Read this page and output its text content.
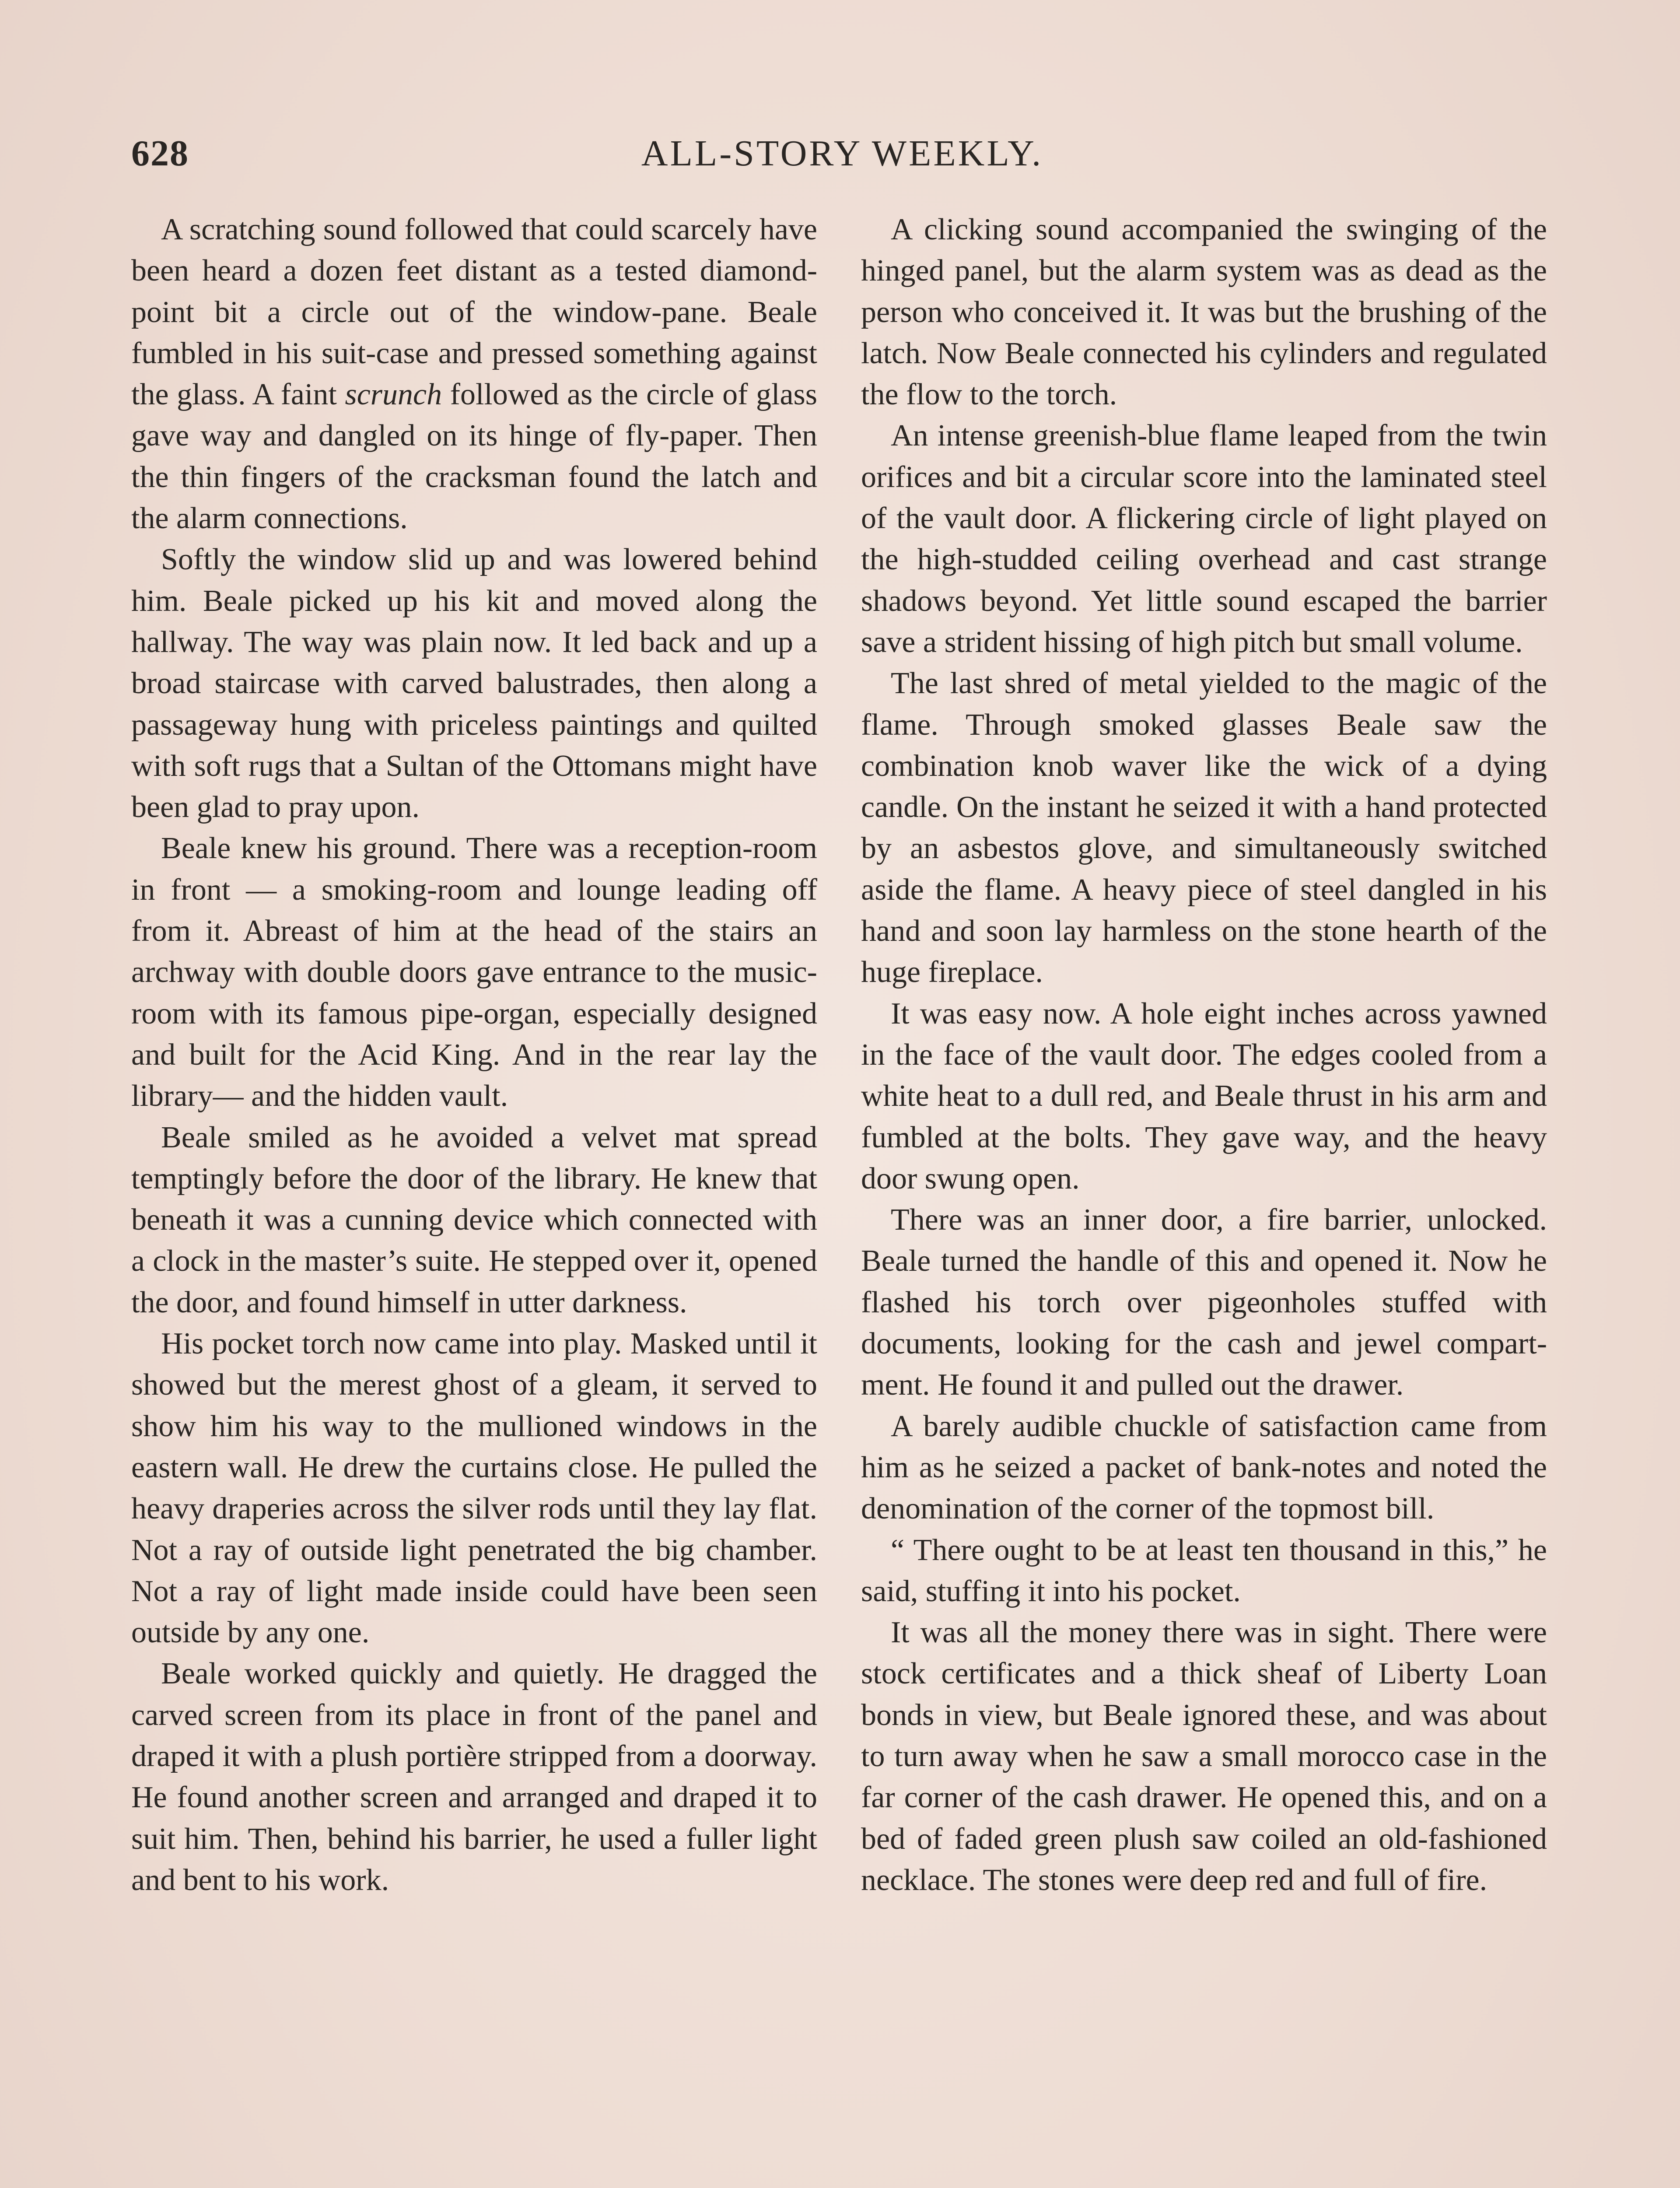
628	ALL-STORY WEEKLY.

A scratching sound followed that could scarcely have been heard a dozen feet distant as a tested diamond-point bit a circle out of the window-pane. Beale fumbled in his suit-case and pressed something against the glass. A faint scrunch followed as the circle of glass gave way and dangled on its hinge of fly-paper. Then the thin fingers of the cracksman found the latch and the alarm connections.

Softly the window slid up and was lowered behind him. Beale picked up his kit and moved along the hallway. The way was plain now. It led back and up a broad staircase with carved balustrades, then along a passageway hung with priceless paintings and quilted with soft rugs that a Sultan of the Ottomans might have been glad to pray upon.

Beale knew his ground. There was a reception-room in front — a smoking-room and lounge leading off from it. Abreast of him at the head of the stairs an archway with double doors gave entrance to the music-room with its famous pipe-organ, especially designed and built for the Acid King. And in the rear lay the library— and the hidden vault.

Beale smiled as he avoided a velvet mat spread temptingly before the door of the library. He knew that beneath it was a cunning device which connected with a clock in the master’s suite. He stepped over it, opened the door, and found himself in utter darkness.

His pocket torch now came into play. Masked until it showed but the merest ghost of a gleam, it served to show him his way to the mullioned windows in the eastern wall. He drew the curtains close. He pulled the heavy draperies across the silver rods until they lay flat. Not a ray of outside light penetrated the big chamber. Not a ray of light made inside could have been seen outside by any one.

Beale worked quickly and quietly. He dragged the carved screen from its place in front of the panel and draped it with a plush portière stripped from a doorway. He found another screen and arranged and draped it to suit him. Then, behind his barrier, he used a fuller light and bent to his work.

A clicking sound accompanied the swinging of the hinged panel, but the alarm system was as dead as the person who conceived it. It was but the brushing of the latch. Now Beale connected his cylinders and regulated the flow to the torch.

An intense greenish-blue flame leaped from the twin orifices and bit a circular score into the laminated steel of the vault door. A flickering circle of light played on the high-studded ceiling overhead and cast strange shadows beyond. Yet little sound escaped the barrier save a strident hissing of high pitch but small volume.

The last shred of metal yielded to the magic of the flame. Through smoked glasses Beale saw the combination knob waver like the wick of a dying candle. On the instant he seized it with a hand protected by an asbestos glove, and simultaneously switched aside the flame. A heavy piece of steel dangled in his hand and soon lay harmless on the stone hearth of the huge fireplace.

It was easy now. A hole eight inches across yawned in the face of the vault door. The edges cooled from a white heat to a dull red, and Beale thrust in his arm and fumbled at the bolts. They gave way, and the heavy door swung open.

There was an inner door, a fire barrier, unlocked. Beale turned the handle of this and opened it. Now he flashed his torch over pigeonholes stuffed with documents, looking for the cash and jewel compartment. He found it and pulled out the drawer.

A barely audible chuckle of satisfaction came from him as he seized a packet of bank-notes and noted the denomination of the corner of the topmost bill.

“ There ought to be at least ten thousand in this,” he said, stuffing it into his pocket.

It was all the money there was in sight. There were stock certificates and a thick sheaf of Liberty Loan bonds in view, but Beale ignored these, and was about to turn away when he saw a small morocco case in the far corner of the cash drawer. He opened this, and on a bed of faded green plush saw coiled an old-fashioned necklace. The stones were deep red and full of fire.
